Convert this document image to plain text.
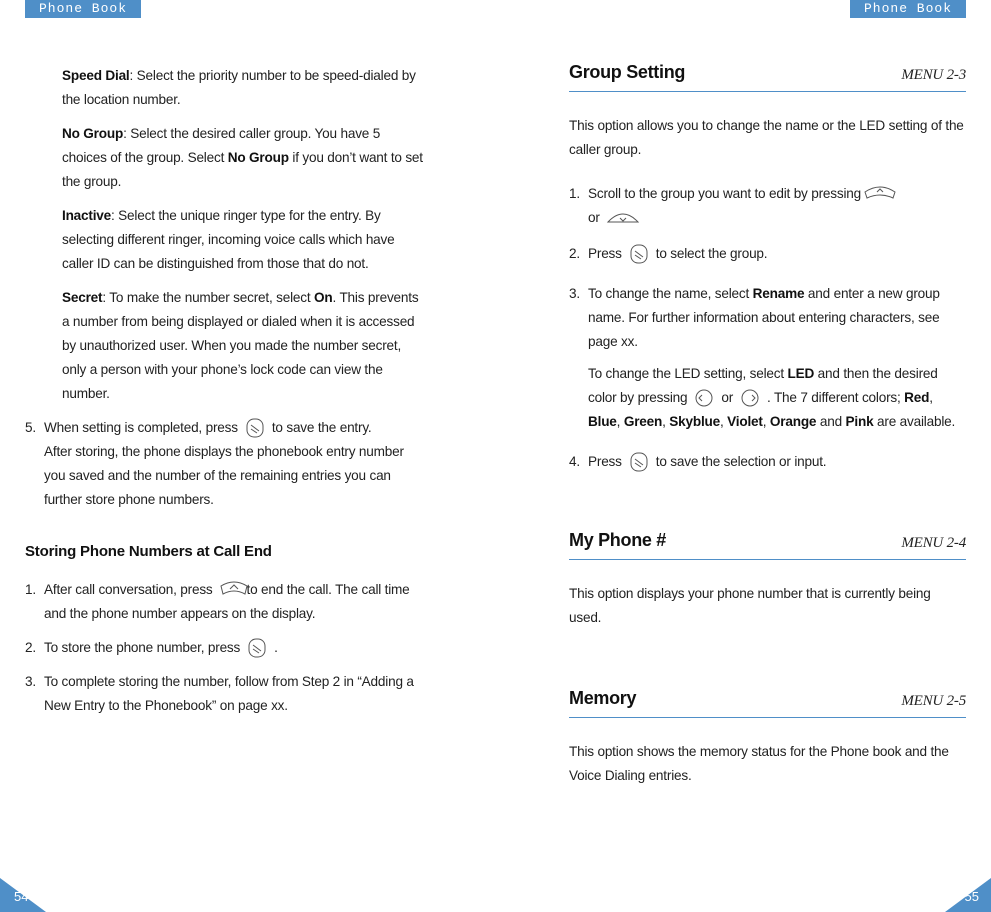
Phone Book	Phone Book

Speed Dial: Select the priority number to be speed-dialed by the location number.

No Group: Select the desired caller group. You have 5 choices of the group. Select No Group if you don’t want to set the group.

Inactive: Select the unique ringer type for the entry. By selecting different ringer, incoming voice calls which have caller ID can be distinguished from those that do not.

Secret: To make the number secret, select On. This prevents a number from being displayed or dialed when it is accessed by unauthorized user. When you made the number secret, only a person with your phone’s lock code can view the number.

5. When setting is completed, press	to save the entry.
After storing, the phone displays the phonebook entry number you saved and the number of the remaining entries you can further store phone numbers.
Storing Phone Numbers at Call End
1. After call conversation, press	to end the call. The call time and the phone number appears on the display.
2. To store the phone number, press	.
3. To complete storing the number, follow from Step 2 in “Adding a New Entry to the Phonebook” on page xx.
Group Setting	MENU 2-3

This option allows you to change the name or the LED setting of the caller group.

1. Scroll to the group you want to edit by pressing

or	.
2. Press	to select the group.
3. To change the name, select Rename and enter a new group name. For further information about entering characters, see page xx.
To change the LED setting, select LED and then the desired color by pressing	or	. The 7 different colors; Red, Blue, Green, Skyblue, Violet, Orange and Pink are available.
4. Press	to save the selection or input.
My Phone #	MENU 2-4

This option displays your phone number that is currently being used.

Memory	MENU 2-5

This option shows the memory status for the Phone book and the Voice Dialing entries.

54	55
